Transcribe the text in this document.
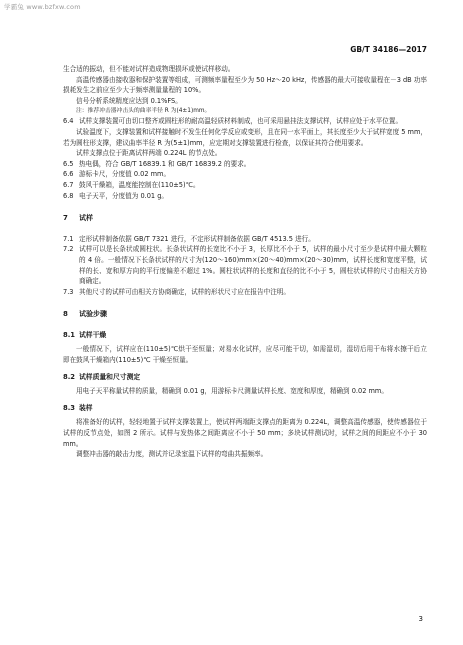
学霸兔 www.bzfxw.com
GB/T 34186—2017

生合适的振动，但不能对试样造成物理损坏或使试样移动。

高温传感器由接收器和保护装置等组成，可测频率量程至少为 50 Hz～20 kHz，传感器的最大可接收量程在－3 dB 功率损耗发生之前应至少大于频率测量量程的 10%。

信号分析系统精度应达到 0.1%FS。

注：推荐冲击器冲击头的曲率半径 R 为(4±1)mm。

6.4 试样支撑装置可由切口整齐或圆柱形的耐高温轻质材料制成，也可采用悬挂法支撑试样，试样应处于水平位置。

试验温度下，支撑装置和试样接触时不发生任何化学反应或变形，且在同一水平面上，其长度至少大于试样宽度 5 mm，若为圆柱形支撑，建议曲率半径 R 为(5±1)mm，应定期对支撑装置进行检查，以保证其符合使用要求。

试样支撑点位于距离试样两端 0.224L 的节点处。

6.5 热电偶，符合 GB/T 16839.1 和 GB/T 16839.2 的要求。

6.6 游标卡尺，分度值 0.02 mm。

6.7 鼓风干燥箱，温度能控制在(110±5)℃。

6.8 电子天平，分度值为 0.01 g。

7 试样

7.1 定形试样制备依据 GB/T 7321 进行，不定形试样制备依据 GB/T 4513.5 进行。

7.2 试样可以是长条状或圆柱状。长条状试样的长宽比不小于 3，长厚比不小于 5，试样的最小尺寸至少是试样中最大颗粒的 4 倍。一般情况下长条状试样的尺寸为(120～160)mm×(20～40)mm×(20～30)mm，试样长度和宽度平整，试样的长、宽和厚方向的平行度偏差不超过 1%。圆柱状试样的长度和直径的比不小于 5，圆柱状试样的尺寸由相关方协商确定。

7.3 其他尺寸的试样可由相关方协商确定，试样的形状尺寸应在报告中注明。

8 试验步骤
8.1 试样干燥

一般情况下，试样应在(110±5)℃烘干至恒量；对易水化试样，应尽可能干切，如需湿切，湿切后用干布将水擦干后立即在鼓风干燥箱内(110±5)℃ 干燥至恒量。

8.2 试样质量和尺寸测定

用电子天平称量试样的质量，精确到 0.01 g，用游标卡尺测量试样长度、宽度和厚度，精确到 0.02 mm。

8.3 装样

将准备好的试样，轻轻地置于试样支撑装置上，使试样两端距支撑点的距离为 0.224L，调整高温传感器，使传感器位于试样的反节点处，如图 2 所示。试样与发热体之间距离应不小于 50 mm；多块试样测试时，试样之间的间距应不小于 30 mm。

调整冲击器的敲击力度，测试并记录室温下试样的弯曲共振频率。

3
